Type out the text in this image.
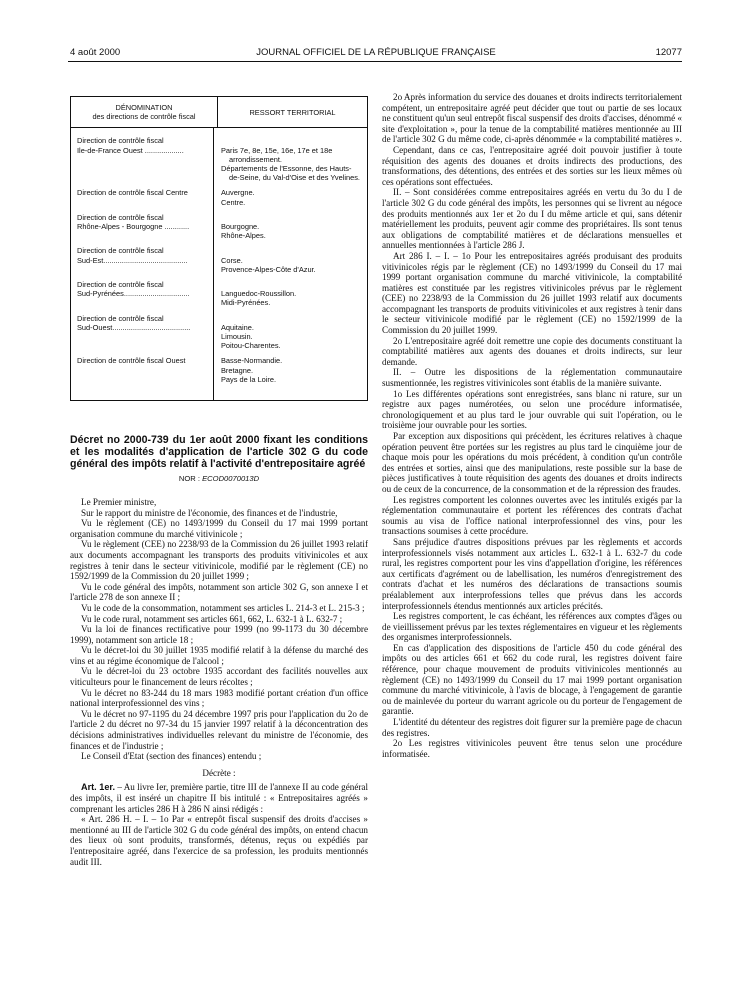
4 août 2000	JOURNAL OFFICIEL DE LA RÉPUBLIQUE FRANÇAISE	12077
DÉNOMINATION
des directions de contrôle fiscal
RESSORT TERRITORIAL
Direction de contrôle fiscal
Ile-de-France Ouest ...................	Paris 7e, 8e, 15e, 16e, 17e et 18e arrondissement.
Départements de l'Essonne, des Hauts-de-Seine, du Val-d'Oise et des Yvelines.
Direction de contrôle fiscal Centre	Auvergne.
Centre.
Direction de contrôle fiscal
Rhône-Alpes - Bourgogne ............	Bourgogne.
Rhône-Alpes.
Direction de contrôle fiscal
Sud-Est.........................................	Corse.
Provence-Alpes-Côte d'Azur.
Direction de contrôle fiscal
Sud-Pyrénées................................	Languedoc-Roussillon.
Midi-Pyrénées.
Direction de contrôle fiscal
Sud-Ouest......................................	Aquitaine.
Limousin.
Poitou-Charentes.
Direction de contrôle fiscal Ouest	Basse-Normandie.
Bretagne.
Pays de la Loire.
Décret no 2000-739 du 1er août 2000 fixant les conditions et les modalités d'application de l'article 302 G du code général des impôts relatif à l'activité d'entrepositaire agréé
NOR : ECOD0070013D

Le Premier ministre,

Sur le rapport du ministre de l'économie, des finances et de l'industrie,

Vu le règlement (CE) no 1493/1999 du Conseil du 17 mai 1999 portant organisation commune du marché vitivinicole ;

Vu le règlement (CEE) no 2238/93 de la Commission du 26 juillet 1993 relatif aux documents accompagnant les transports des produits vitivinicoles et aux registres à tenir dans le secteur vitivinicole, modifié par le règlement (CE) no 1592/1999 de la Commission du 20 juillet 1999 ;

Vu le code général des impôts, notamment son article 302 G, son annexe I et l'article 278 de son annexe II ;

Vu le code de la consommation, notamment ses articles L. 214-3 et L. 215-3 ;

Vu le code rural, notamment ses articles 661, 662, L. 632-1 à L. 632-7 ;

Vu la loi de finances rectificative pour 1999 (no 99-1173 du 30 décembre 1999), notamment son article 18 ;

Vu le décret-loi du 30 juillet 1935 modifié relatif à la défense du marché des vins et au régime économique de l'alcool ;

Vu le décret-loi du 23 octobre 1935 accordant des facilités nouvelles aux viticulteurs pour le financement de leurs récoltes ;

Vu le décret no 83-244 du 18 mars 1983 modifié portant création d'un office national interprofessionnel des vins ;

Vu le décret no 97-1195 du 24 décembre 1997 pris pour l'application du 2o de l'article 2 du décret no 97-34 du 15 janvier 1997 relatif à la déconcentration des décisions administratives individuelles relevant du ministre de l'économie, des finances et de l'industrie ;

Le Conseil d'Etat (section des finances) entendu ;

Décrète :

Art. 1er. – Au livre Ier, première partie, titre III de l'annexe II au code général des impôts, il est inséré un chapitre II bis intitulé : « Entrepositaires agréés » comprenant les articles 286 H à 286 N ainsi rédigés :

« Art. 286 H. – I. – 1o Par « entrepôt fiscal suspensif des droits d'accises » mentionné au III de l'article 302 G du code général des impôts, on entend chacun des lieux où sont produits, transformés, détenus, reçus ou expédiés par l'entrepositaire agréé, dans l'exercice de sa profession, les produits mentionnés audit III.

2o Après information du service des douanes et droits indirects territorialement compétent, un entrepositaire agréé peut décider que tout ou partie de ses locaux ne constituent qu'un seul entrepôt fiscal suspensif des droits d'accises, dénommé « site d'exploitation », pour la tenue de la comptabilité matières mentionnée au III de l'article 302 G du même code, ci-après dénommée « la comptabilité matières ».

Cependant, dans ce cas, l'entrepositaire agréé doit pouvoir justifier à toute réquisition des agents des douanes et droits indirects des productions, des transformations, des détentions, des entrées et des sorties sur les lieux mêmes où ces opérations sont effectuées.

II. – Sont considérées comme entrepositaires agréés en vertu du 3o du I de l'article 302 G du code général des impôts, les personnes qui se livrent au négoce des produits mentionnés aux 1er et 2o du I du même article et qui, sans détenir matériellement les produits, peuvent agir comme des propriétaires. Ils sont tenus aux obligations de comptabilité matières et de déclarations mensuelles et annuelles mentionnées à l'article 286 J.

Art 286 I. – I. – 1o Pour les entrepositaires agréés produisant des produits vitivinicoles régis par le règlement (CE) no 1493/1999 du Conseil du 17 mai 1999 portant organisation commune du marché vitivinicole, la comptabilité matières est constituée par les registres vitivinicoles prévus par le règlement (CEE) no 2238/93 de la Commission du 26 juillet 1993 relatif aux documents accompagnant les transports de produits vitivinicoles et aux registres à tenir dans le secteur vitivinicole modifié par le règlement (CE) no 1592/1999 de la Commission du 20 juillet 1999.

2o L'entrepositaire agréé doit remettre une copie des documents constituant la comptabilité matières aux agents des douanes et droits indirects, sur leur demande.

II. – Outre les dispositions de la réglementation communautaire susmentionnée, les registres vitivinicoles sont établis de la manière suivante.

1o Les différentes opérations sont enregistrées, sans blanc ni rature, sur un registre aux pages numérotées, ou selon une procédure informatisée, chronologiquement et au plus tard le jour ouvrable qui suit l'opération, ou le troisième jour ouvrable pour les sorties.

Par exception aux dispositions qui précèdent, les écritures relatives à chaque opération peuvent être portées sur les registres au plus tard le cinquième jour de chaque mois pour les opérations du mois précédent, à condition qu'un contrôle des entrées et sorties, ainsi que des manipulations, reste possible sur la base de pièces justificatives à toute réquisition des agents des douanes et droits indirects ou de ceux de la concurrence, de la consommation et de la répression des fraudes.

Les registres comportent les colonnes ouvertes avec les intitulés exigés par la réglementation communautaire et portent les références des contrats d'achat soumis au visa de l'office national interprofessionnel des vins, pour les transactions soumises à cette procédure.

Sans préjudice d'autres dispositions prévues par les règlements et accords interprofessionnels visés notamment aux articles L. 632-1 à L. 632-7 du code rural, les registres comportent pour les vins d'appellation d'origine, les références aux certificats d'agrément ou de labellisation, les numéros d'enregistrement des contrats d'achat et les numéros des déclarations de transactions soumis préalablement aux interprofessions telles que prévus dans les accords interprofessionnels étendus mentionnés aux articles précités.

Les registres comportent, le cas échéant, les références aux comptes d'âges ou de vieillissement prévus par les textes réglementaires en vigueur et les règlements des organismes interprofessionnels.

En cas d'application des dispositions de l'article 450 du code général des impôts ou des articles 661 et 662 du code rural, les registres doivent faire référence, pour chaque mouvement de produits vitivinicoles mentionnés au règlement (CE) no 1493/1999 du Conseil du 17 mai 1999 portant organisation commune du marché vitivinicole, à l'avis de blocage, à l'engagement de garantie ou de mainlevée du porteur du warrant agricole ou du porteur de l'engagement de garantie.

L'identité du détenteur des registres doit figurer sur la première page de chacun des registres.

2o Les registres vitivinicoles peuvent être tenus selon une procédure informatisée.
